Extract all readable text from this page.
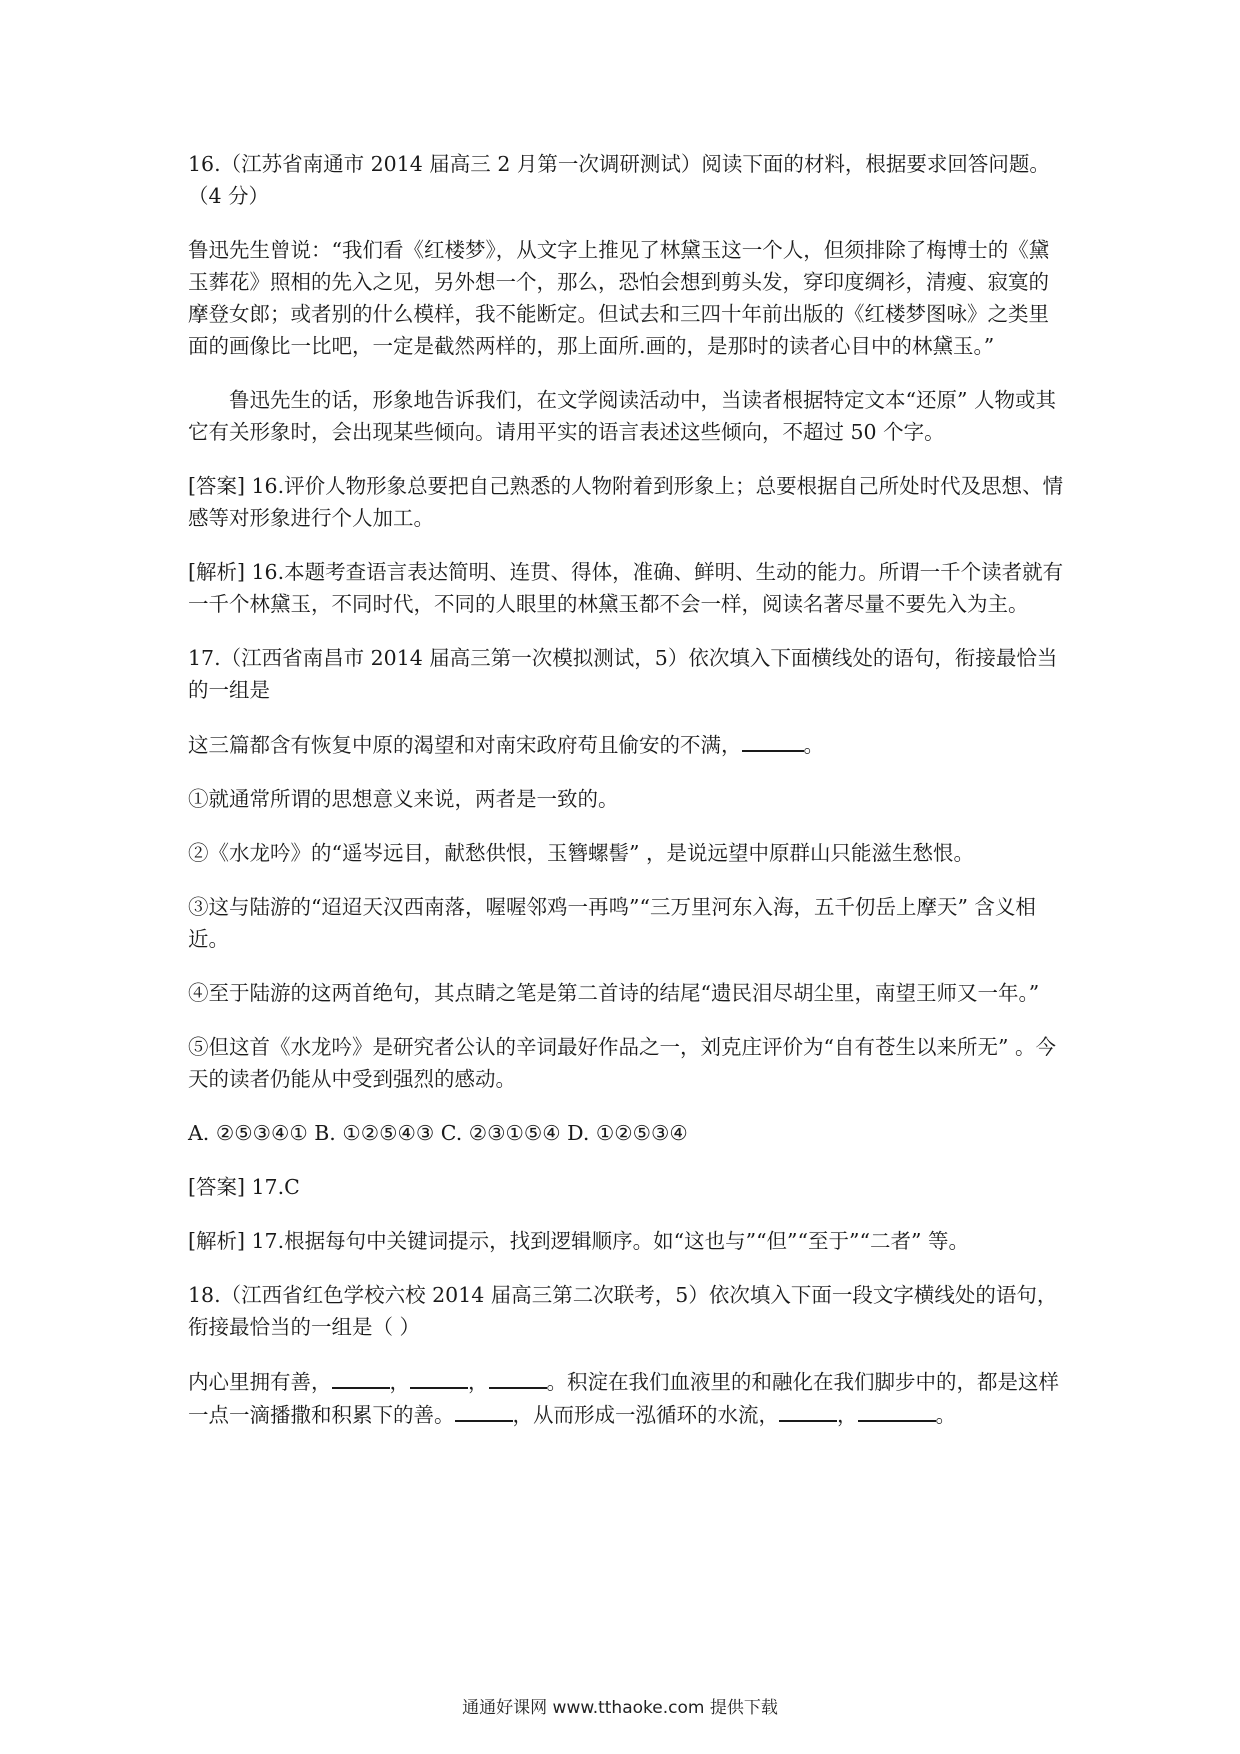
16.（江苏省南通市 2014 届高三 2 月第一次调研测试）阅读下面的材料，根据要求回答问题。（4 分）

鲁迅先生曾说：“我们看《红楼梦》，从文字上推见了林黛玉这一个人，但须排除了梅博士的《黛玉葬花》照相的先入之见，另外想一个，那么，恐怕会想到剪头发，穿印度绸衫，清瘦、寂寞的摩登女郎；或者别的什么模样，我不能断定。但试去和三四十年前出版的《红楼梦图咏》之类里面的画像比一比吧，一定是截然两样的，那上面所.画的，是那时的读者心目中的林黛玉。”

鲁迅先生的话，形象地告诉我们，在文学阅读活动中，当读者根据特定文本“还原” 人物或其它有关形象时，会出现某些倾向。请用平实的语言表述这些倾向，不超过 50 个字。

[答案] 16.评价人物形象总要把自己熟悉的人物附着到形象上；总要根据自己所处时代及思想、情感等对形象进行个人加工。

[解析] 16.本题考查语言表达简明、连贯、得体，准确、鲜明、生动的能力。所谓一千个读者就有一千个林黛玉，不同时代，不同的人眼里的林黛玉都不会一样，阅读名著尽量不要先入为主。

17.（江西省南昌市 2014 届高三第一次模拟测试，5）依次填入下面横线处的语句，衔接最恰当的一组是

这三篇都含有恢复中原的渴望和对南宋政府苟且偷安的不满，	。

①就通常所谓的思想意义来说，两者是一致的。

②《水龙吟》的“遥岑远目，献愁供恨，玉簪螺髻” ，是说远望中原群山只能滋生愁恨。

③这与陆游的“迢迢天汉西南落，喔喔邻鸡一再鸣”“三万里河东入海，五千仞岳上摩天” 含义相近。

④至于陆游的这两首绝句，其点睛之笔是第二首诗的结尾“遗民泪尽胡尘里，南望王师又一年。”

⑤但这首《水龙吟》是研究者公认的辛词最好作品之一，刘克庄评价为“自有苍生以来所无” 。今天的读者仍能从中受到强烈的感动。

A. ②⑤③④① B. ①②⑤④③ C. ②③①⑤④ D. ①②⑤③④

[答案] 17.C

[解析] 17.根据每句中关键词提示，找到逻辑顺序。如“这也与”“但”“至于”“二者” 等。

18.（江西省红色学校六校 2014 届高三第二次联考，5）依次填入下面一段文字横线处的语句，衔接最恰当的一组是（ ）

内心里拥有善，	，	，	。积淀在我们血液里的和融化在我们脚步中的，都是这样一点一滴播撒和积累下的善。	，从而形成一泓循环的水流，	，	。

通通好课网 www.tthaoke.com 提供下载
